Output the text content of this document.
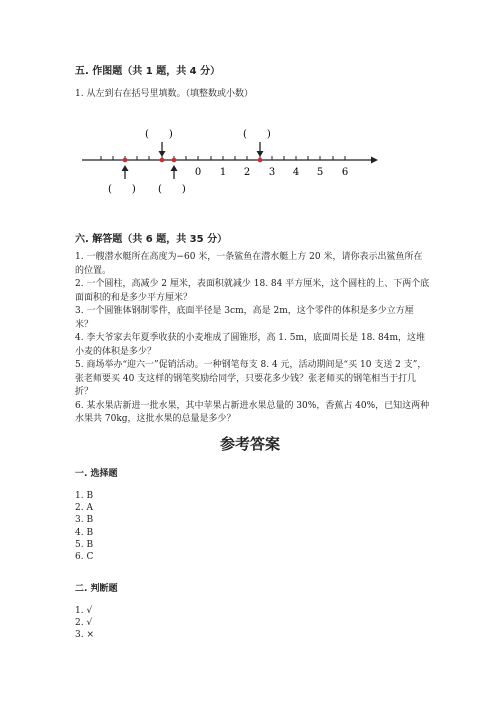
五. 作图题（共 1 题，共 4 分）
1. 从左到右在括号里填数。（填整数或小数）
(　　)	(　　)
0 1 2 3 4 5 6
(　　) (　　)
六. 解答题（共 6 题，共 35 分）

1. 一艘潜水艇所在高度为−60 米，一条鲨鱼在潜水艇上方 20 米，请你表示出鲨鱼所在的位置。

2. 一个圆柱，高减少 2 厘米，表面积就减少 18. 84 平方厘米，这个圆柱的上、下两个底面面积的和是多少平方厘米？

3. 一个圆锥体钢制零件，底面半径是 3cm，高是 2m，这个零件的体积是多少立方厘米？

4. 李大爷家去年夏季收获的小麦堆成了圆锥形，高 1. 5m，底面周长是 18. 84m，这堆小麦的体积是多少？

5. 商场举办“迎六一”促销活动。一种钢笔每支 8. 4 元，活动期间是“买 10 支送 2 支”，张老师要买 40 支这样的钢笔奖励给同学，只要花多少钱？张老师买的钢笔相当于打几折？

6. 某水果店新进一批水果，其中苹果占新进水果总量的 30%，香蕉占 40%，已知这两种水果共 70kg，这批水果的总量是多少？

参考答案
一. 选择题
1. B
2. A
3. B
4. B
5. B
6. C
二. 判断题
1. √
2. √
3. ×
